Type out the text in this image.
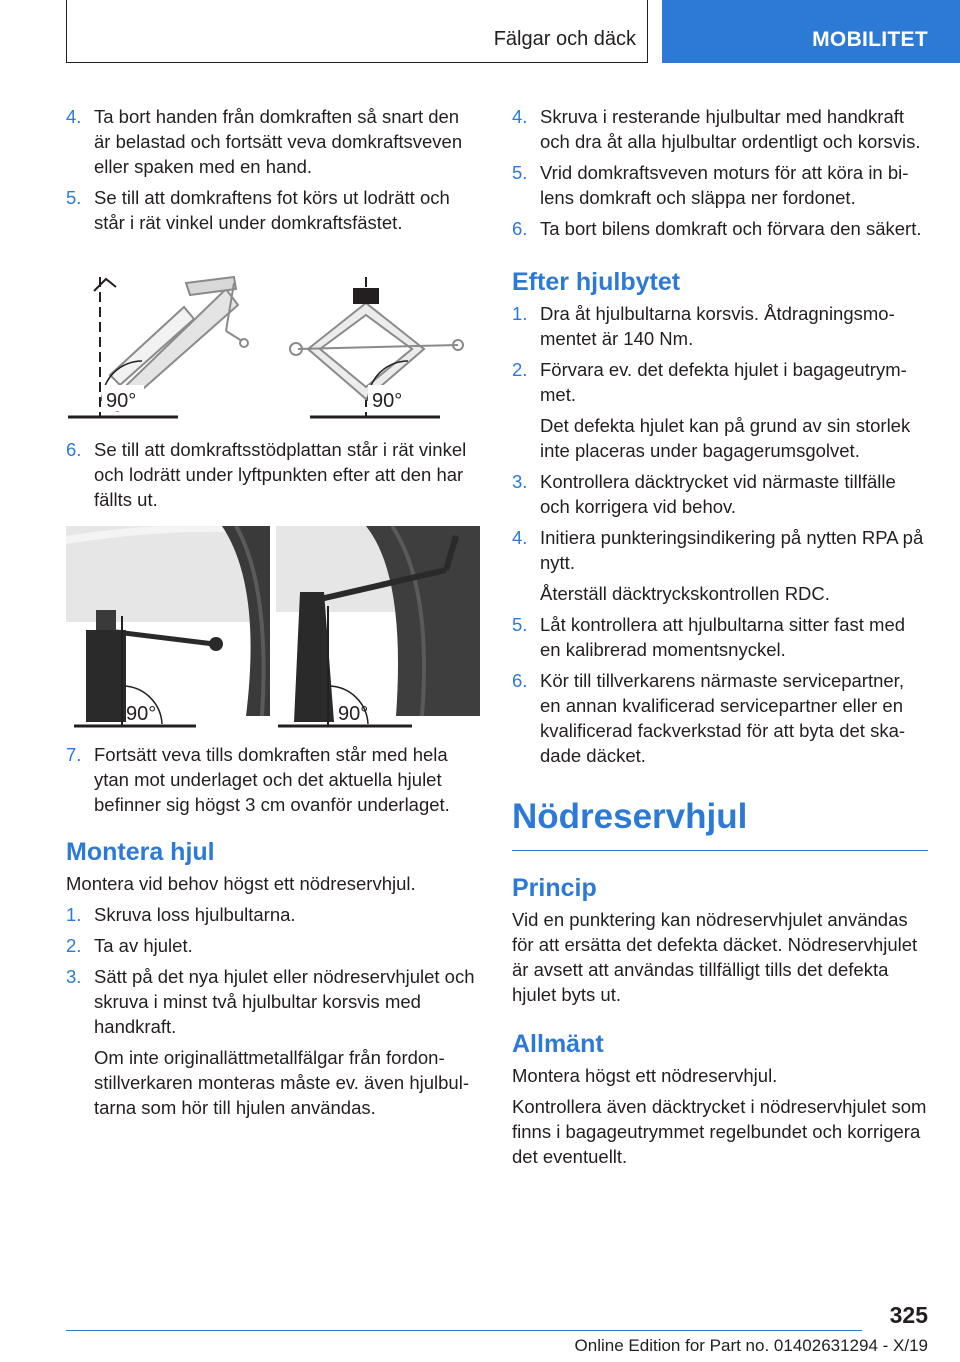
Fälgar och däck	MOBILITET
4. Ta bort handen från domkraften så snart den är belastad och fortsätt veva domkraftsveven eller spaken med en hand.
5. Se till att domkraftens fot körs ut lodrätt och står i rät vinkel under domkraftsfästet.
90°	90°
6. Se till att domkraftsstödplattan står i rät vinkel och lodrätt under lyftpunkten efter att den har fällts ut.
90°	90°
7. Fortsätt veva tills domkraften står med hela ytan mot underlaget och det aktuella hjulet befinner sig högst 3 cm ovanför underlaget.
Montera hjul
Montera vid behov högst ett nödreservhjul.
1. Skruva loss hjulbultarna.
2. Ta av hjulet.
3. Sätt på det nya hjulet eller nödreservhjulet och skruva i minst två hjulbultar korsvis med handkraft.
Om inte originallättmetallfälgar från fordonstillverkaren monteras måste ev. även hjulbultarna som hör till hjulen användas.
4. Skruva i resterande hjulbultar med handkraft och dra åt alla hjulbultar ordentligt och korsvis.
5. Vrid domkraftsveven moturs för att köra in bilens domkraft och släppa ner fordonet.
6. Ta bort bilens domkraft och förvara den säkert.
Efter hjulbytet
1. Dra åt hjulbultarna korsvis. Åtdragningsmomentet är 140 Nm.
2. Förvara ev. det defekta hjulet i bagageutrymmet.
Det defekta hjulet kan på grund av sin storlek inte placeras under bagagerumsgolvet.
3. Kontrollera däcktrycket vid närmaste tillfälle och korrigera vid behov.
4. Initiera punkteringsindikering på nytten RPA på nytt.
Återställ däcktryckskontrollen RDC.
5. Låt kontrollera att hjulbultarna sitter fast med en kalibrerad momentsnyckel.
6. Kör till tillverkarens närmaste servicepartner, en annan kvalificerad servicepartner eller en kvalificerad fackverkstad för att byta det skadade däcket.
Nödreservhjul
Princip
Vid en punktering kan nödreservhjulet användas för att ersätta det defekta däcket. Nödreservhjulet är avsett att användas tillfälligt tills det defekta hjulet byts ut.
Allmänt
Montera högst ett nödreservhjul.
Kontrollera även däcktrycket i nödreservhjulet som finns i bagageutrymmet regelbundet och korrigera det eventuellt.
325
Online Edition for Part no. 01402631294 - X/19
